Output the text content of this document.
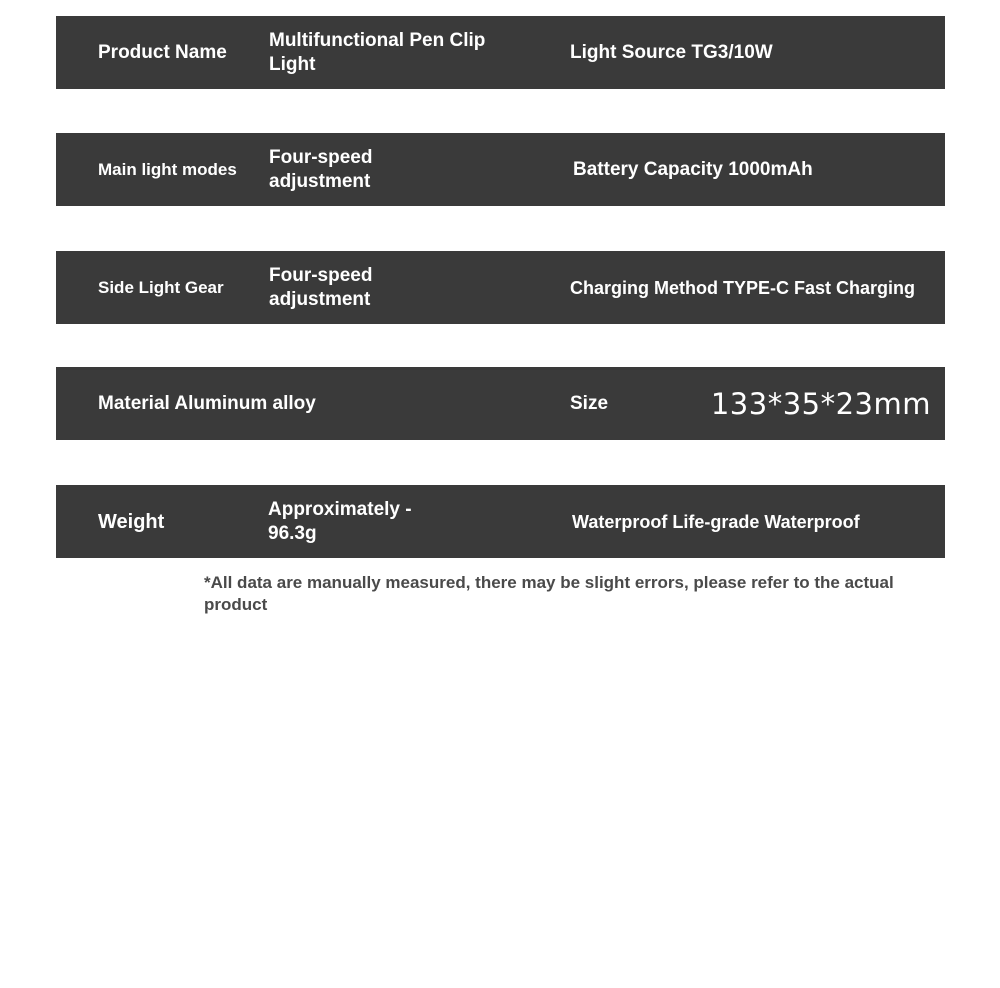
Product Name
Multifunctional Pen Clip Light
Light Source TG3/10W
Main light modes
Four-speed adjustment
Battery Capacity 1000mAh
Side Light Gear
Four-speed adjustment
Charging Method TYPE-C Fast Charging
Material Aluminum alloy	Size	133*35*23mm
Weight
Approximately - 96.3g
Waterproof Life-grade Waterproof
*All data are manually measured, there may be slight errors, please refer to the actual product
